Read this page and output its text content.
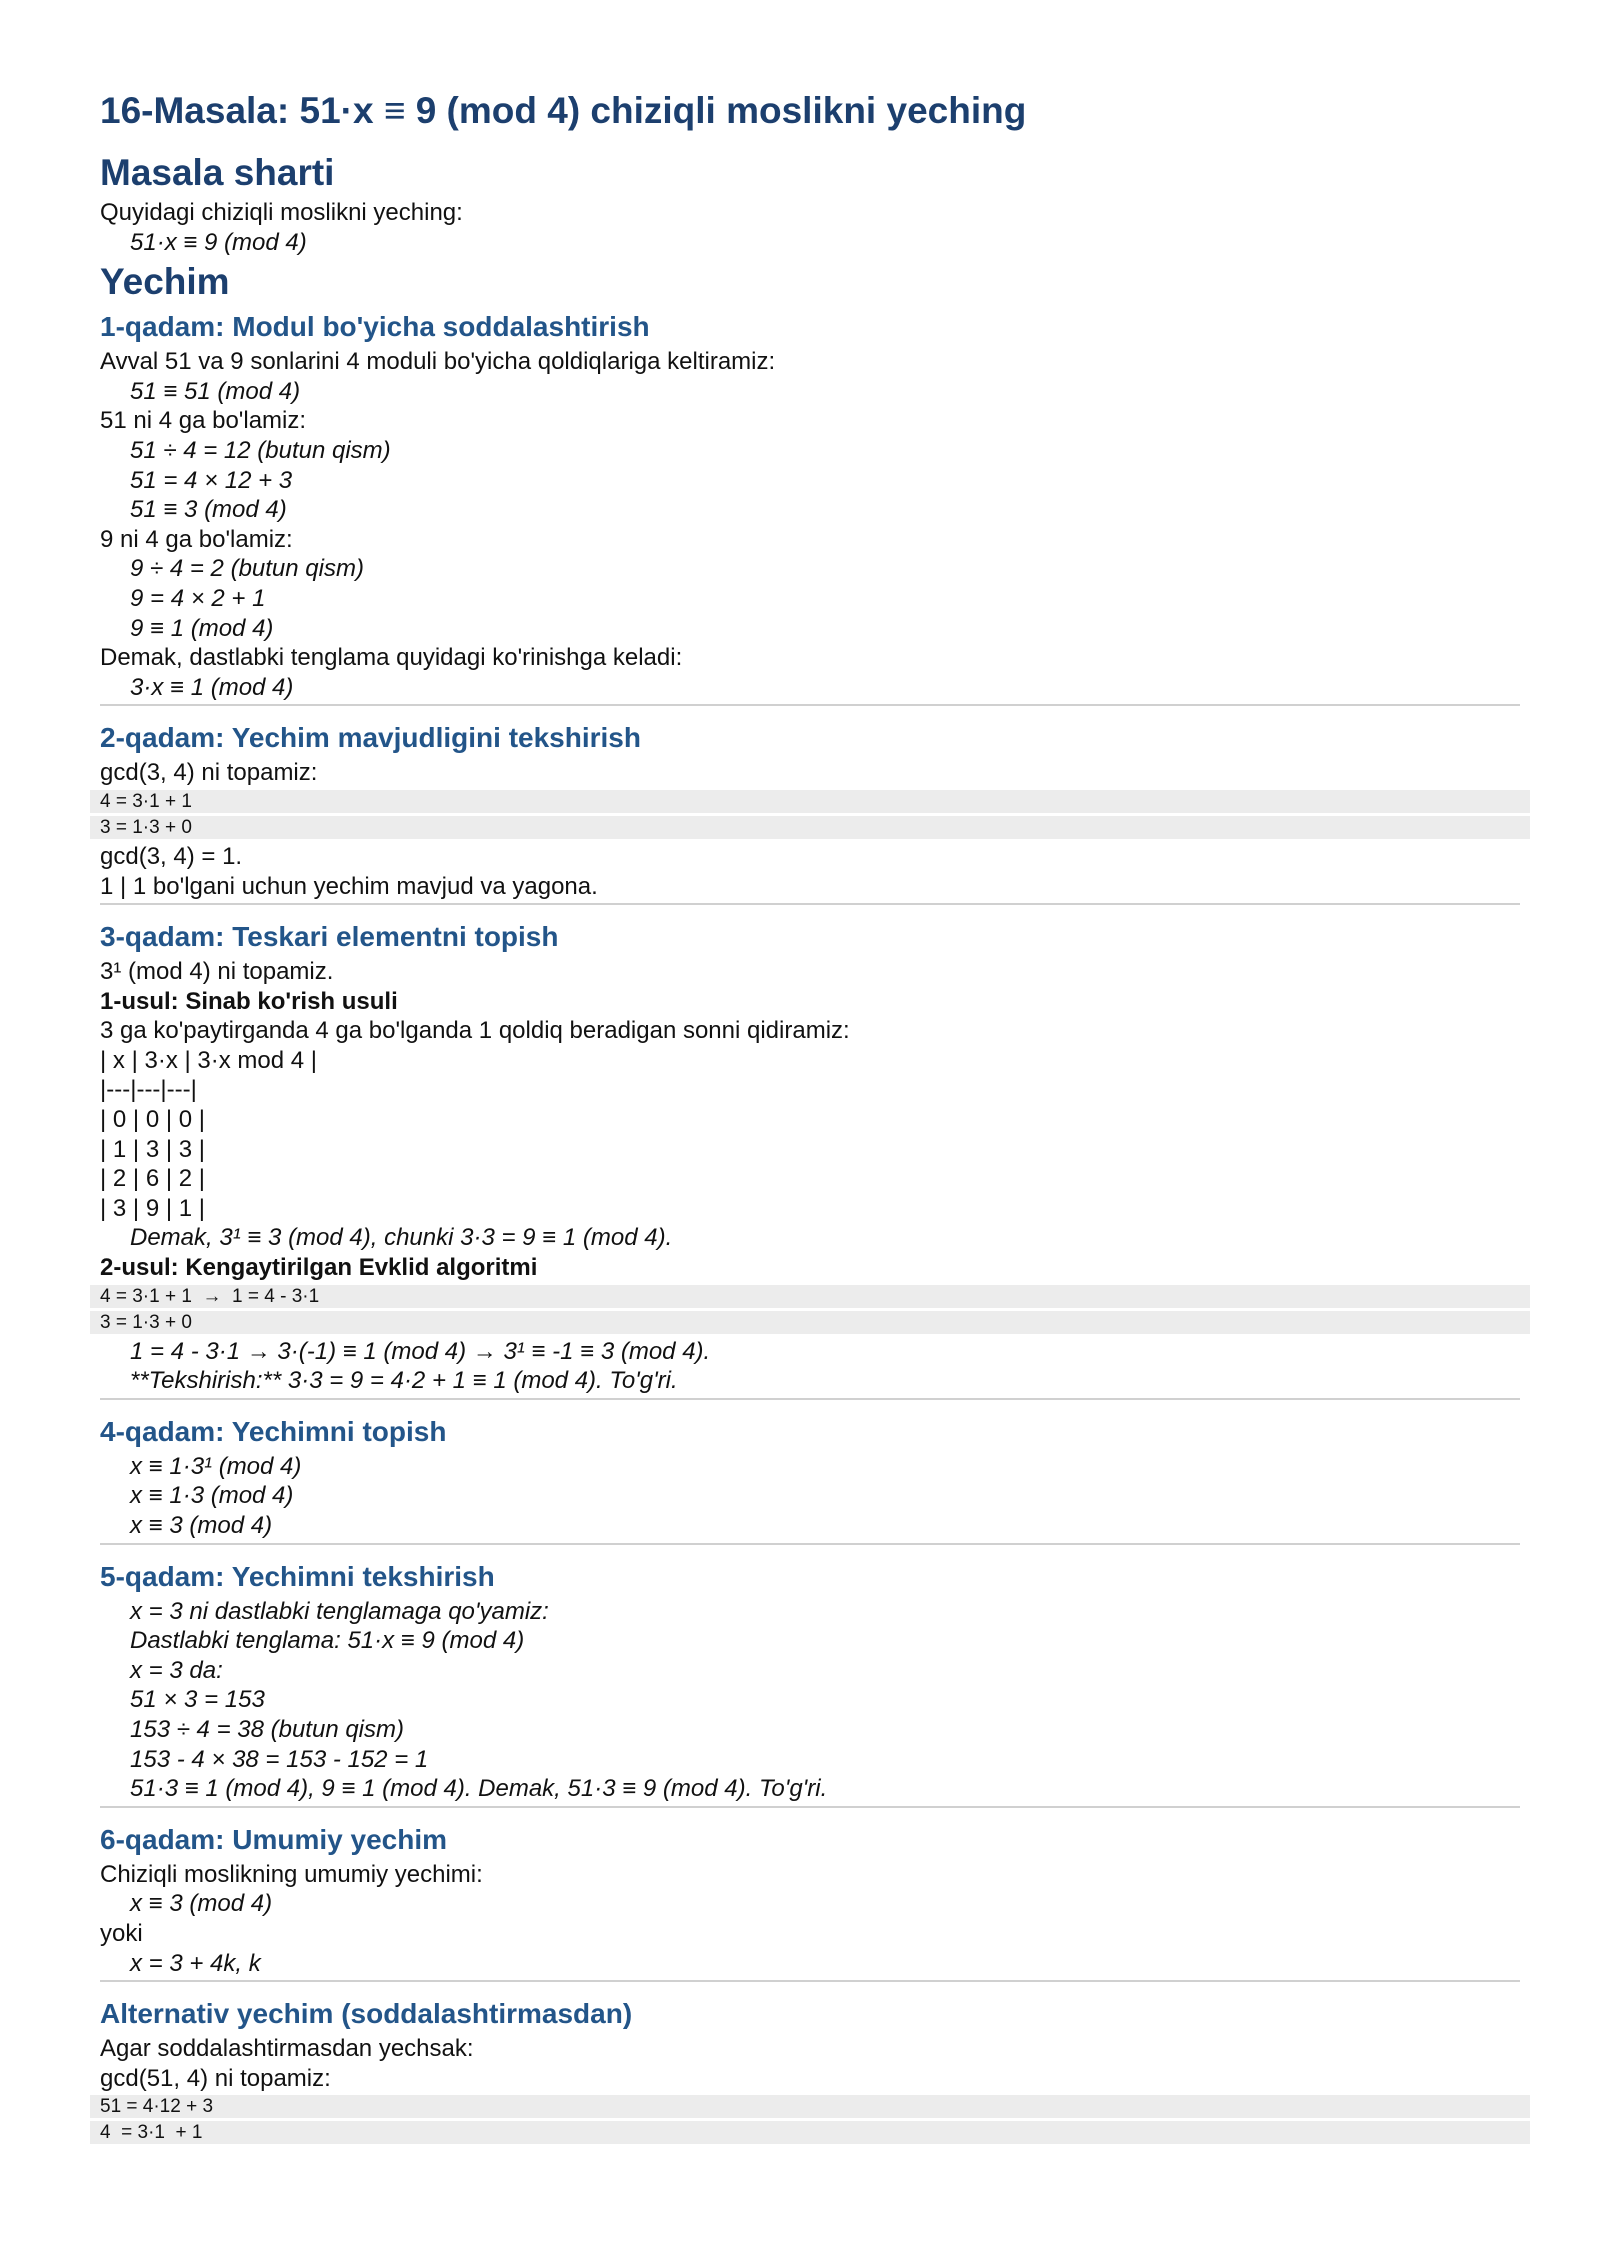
16-Masala: 51·x ≡ 9 (mod 4) chiziqli moslikni yeching
Masala sharti
Quyidagi chiziqli moslikni yeching:
51·x ≡ 9 (mod 4)
Yechim
1-qadam: Modul bo'yicha soddalashtirish
Avval 51 va 9 sonlarini 4 moduli bo'yicha qoldiqlariga keltiramiz:
51 ≡ 51 (mod 4)
51 ni 4 ga bo'lamiz:
51 ÷ 4 = 12 (butun qism)
51 = 4 × 12 + 3
51 ≡ 3 (mod 4)
9 ni 4 ga bo'lamiz:
9 ÷ 4 = 2 (butun qism)
9 = 4 × 2 + 1
9 ≡ 1 (mod 4)
Demak, dastlabki tenglama quyidagi ko'rinishga keladi:
3·x ≡ 1 (mod 4)
2-qadam: Yechim mavjudligini tekshirish
gcd(3, 4) ni topamiz:
4 = 3·1 + 1
3 = 1·3 + 0
gcd(3, 4) = 1.
1 | 1 bo'lgani uchun yechim mavjud va yagona.
3-qadam: Teskari elementni topish
3¹ (mod 4) ni topamiz.
1-usul: Sinab ko'rish usuli
3 ga ko'paytirganda 4 ga bo'lganda 1 qoldiq beradigan sonni qidiramiz:
| x | 3·x | 3·x mod 4 |
|---|---|---|
| 0 | 0 | 0 |
| 1 | 3 | 3 |
| 2 | 6 | 2 |
| 3 | 9 | 1 |
Demak, 3¹ ≡ 3 (mod 4), chunki 3·3 = 9 ≡ 1 (mod 4).
2-usul: Kengaytirilgan Evklid algoritmi
4 = 3·1 + 1  →  1 = 4 - 3·1
3 = 1·3 + 0
1 = 4 - 3·1 → 3·(-1) ≡ 1 (mod 4) → 3¹ ≡ -1 ≡ 3 (mod 4).
**Tekshirish:** 3·3 = 9 = 4·2 + 1 ≡ 1 (mod 4). To'g'ri.
4-qadam: Yechimni topish
x ≡ 1·3¹ (mod 4)
x ≡ 1·3 (mod 4)
x ≡ 3 (mod 4)
5-qadam: Yechimni tekshirish
x = 3 ni dastlabki tenglamaga qo'yamiz:
Dastlabki tenglama: 51·x ≡ 9 (mod 4)
x = 3 da:
51 × 3 = 153
153 ÷ 4 = 38 (butun qism)
153 - 4 × 38 = 153 - 152 = 1
51·3 ≡ 1 (mod 4), 9 ≡ 1 (mod 4). Demak, 51·3 ≡ 9 (mod 4). To'g'ri.
6-qadam: Umumiy yechim
Chiziqli moslikning umumiy yechimi:
x ≡ 3 (mod 4)
yoki
x = 3 + 4k, k
Alternativ yechim (soddalashtirmasdan)
Agar soddalashtirmasdan yechsak:
gcd(51, 4) ni topamiz:
51 = 4·12 + 3
4  = 3·1  + 1
